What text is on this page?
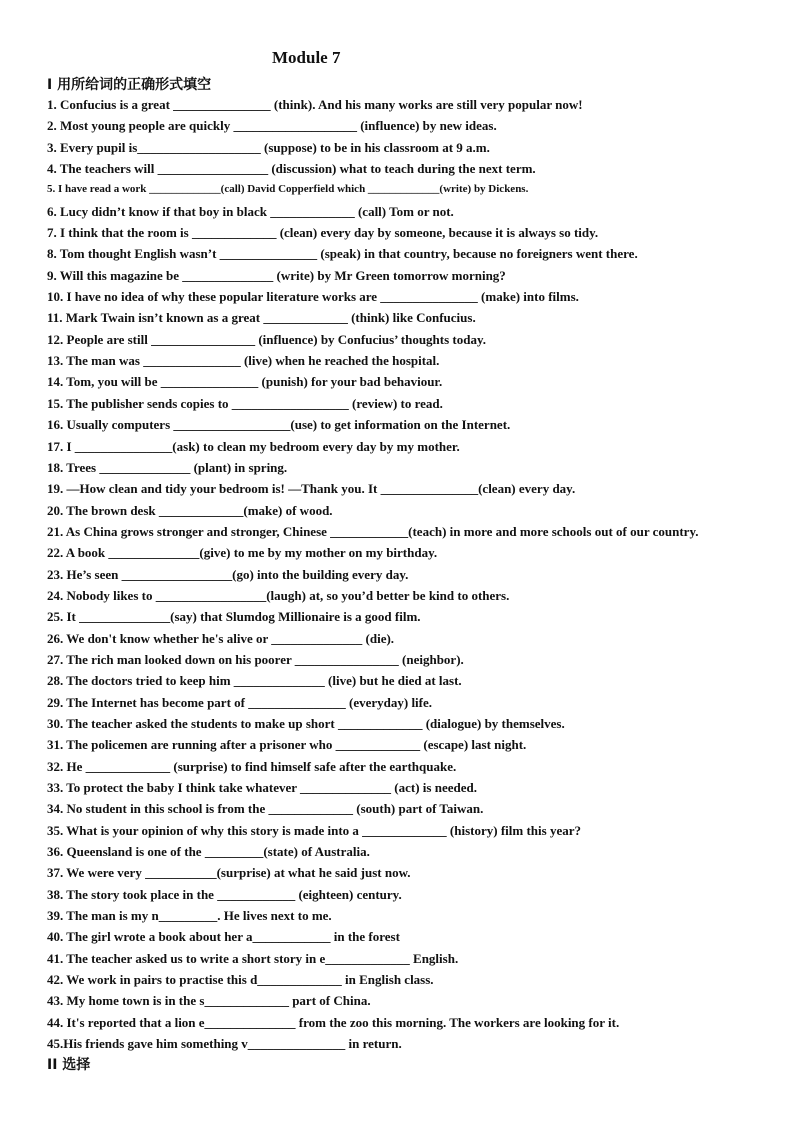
Module 7
I 用所给词的正确形式填空
1. Confucius is a great _______________ (think). And his many works are still very popular now!
2. Most young people are quickly ___________________ (influence) by new ideas.
3. Every pupil is___________________ (suppose) to be in his classroom at 9 a.m.
4. The teachers will _________________ (discussion) what to teach during the next term.
5. I have read a work _____________(call) David Copperfield which _____________(write) by Dickens.
6. Lucy didn’t know if that boy in black _____________ (call) Tom or not.
7. I think that the room is _____________ (clean) every day by someone, because it is always so tidy.
8. Tom thought English wasn’t _______________ (speak) in that country, because no foreigners went there.
9. Will this magazine be ______________ (write) by Mr Green tomorrow morning?
10. I have no idea of why these popular literature works are _______________ (make) into films.
11. Mark Twain isn’t known as a great _____________ (think) like Confucius.
12. People are still ________________ (influence) by Confucius’ thoughts today.
13. The man was _______________ (live) when he reached the hospital.
14. Tom, you will be _______________ (punish) for your bad behaviour.
15. The publisher sends copies to __________________ (review) to read.
16. Usually computers __________________(use) to get information on the Internet.
17. I _______________(ask) to clean my bedroom every day by my mother.
18. Trees ______________ (plant) in spring.
19. —How clean and tidy your bedroom is! —Thank you. It _______________(clean) every day.
20. The brown desk _____________(make) of wood.
21. As China grows stronger and stronger, Chinese ____________(teach) in more and more schools out of our country.
22. A book ______________(give) to me by my mother on my birthday.
23. He’s seen _________________(go) into the building every day.
24. Nobody likes to _________________(laugh) at, so you’d better be kind to others.
25. It ______________(say) that Slumdog Millionaire is a good film.
26. We don't know whether he's alive or ______________ (die).
27. The rich man looked down on his poorer ________________ (neighbor).
28. The doctors tried to keep him ______________ (live) but he died at last.
29. The Internet has become part of _______________ (everyday) life.
30. The teacher asked the students to make up short _____________ (dialogue) by themselves.
31. The policemen are running after a prisoner who _____________ (escape) last night.
32. He _____________ (surprise) to find himself safe after the earthquake.
33. To protect the baby I think take whatever ______________ (act) is needed.
34. No student in this school is from the _____________ (south) part of Taiwan.
35. What is your opinion of why this story is made into a _____________ (history) film this year?
36. Queensland is one of the _________(state) of Australia.
37. We were very ___________(surprise) at what he said just now.
38. The story took place in the ____________ (eighteen) century.
39. The man is my n_________. He lives next to me.
40. The girl wrote a book about her a____________ in the forest
41. The teacher asked us to write a short story in e_____________ English.
42. We work in pairs to practise this d_____________ in English class.
43. My home town is in the s_____________ part of China.
44. It's reported that a lion e______________ from the zoo this morning. The workers are looking for it.
45.His friends gave him something v_______________ in return.
II 选择
